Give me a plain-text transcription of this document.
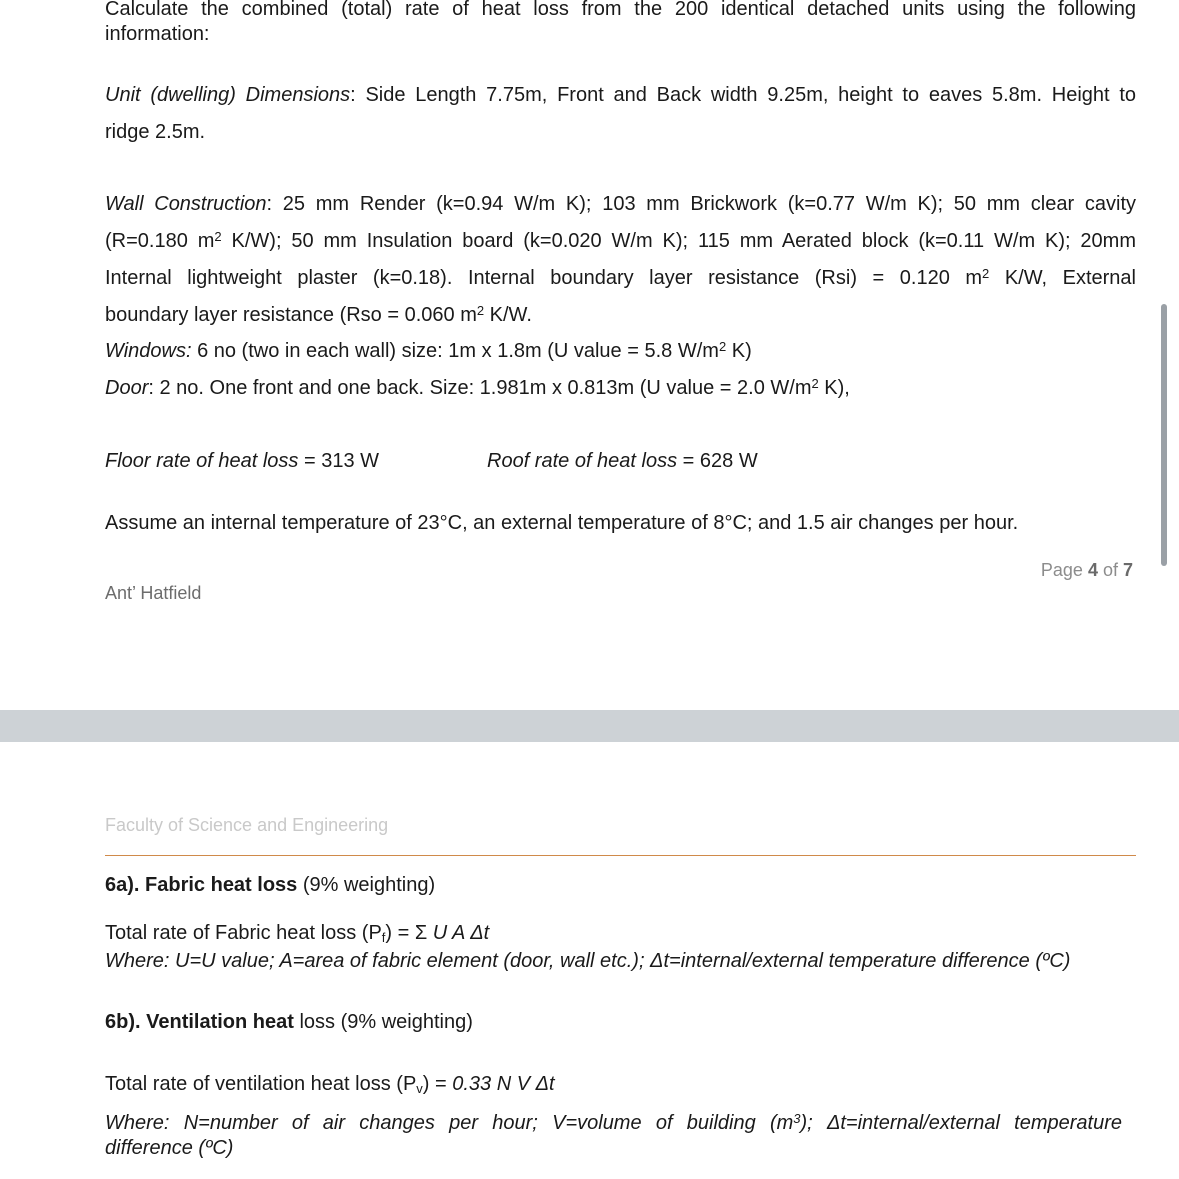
Calculate the combined (total) rate of heat loss from the 200 identical detached units using the following
information:
Unit (dwelling) Dimensions: Side Length 7.75m, Front and Back width 9.25m, height to eaves 5.8m. Height to
ridge 2.5m.
Wall Construction: 25 mm Render (k=0.94 W/m K); 103 mm Brickwork (k=0.77 W/m K); 50 mm clear cavity
(R=0.180 $m^2$ K/W); 50 mm Insulation board (k=0.020 W/m K); 115 mm Aerated block (k=0.11 W/m K); 20mm
Internal lightweight plaster (k=0.18). Internal boundary layer resistance (Rsi) = 0.120 $m^2$ K/W, External
boundary layer resistance (Rso = 0.060 $m^2$ K/W.
Windows: 6 no (two in each wall) size: 1m x 1.8m (U value = 5.8 $W/m^2$ K)
Door: 2 no. One front and one back. Size: 1.981m x 0.813m (U value = 2.0 $W/m^2$ K),
Floor rate of heat loss = 313 W	Roof rate of heat loss = 628 W
Assume an internal temperature of 23°C, an external temperature of 8°C; and 1.5 air changes per hour.
Page 4 of 7
Ant’ Hatfield
Faculty of Science and Engineering
6a). Fabric heat loss (9% weighting)
Total rate of Fabric heat loss $(P_f) = \Sigma$ U A Δt
Where: U=U value; A=area of fabric element (door, wall etc.); Δt=internal/external temperature difference (ºC)
6b). Ventilation heat loss (9% weighting)
Total rate of ventilation heat loss $(P_v) = 0.33$ N V Δt
Where: N=number of air changes per hour; V=volume of building $(m^3)$; Δt=internal/external temperature
difference (ºC)
